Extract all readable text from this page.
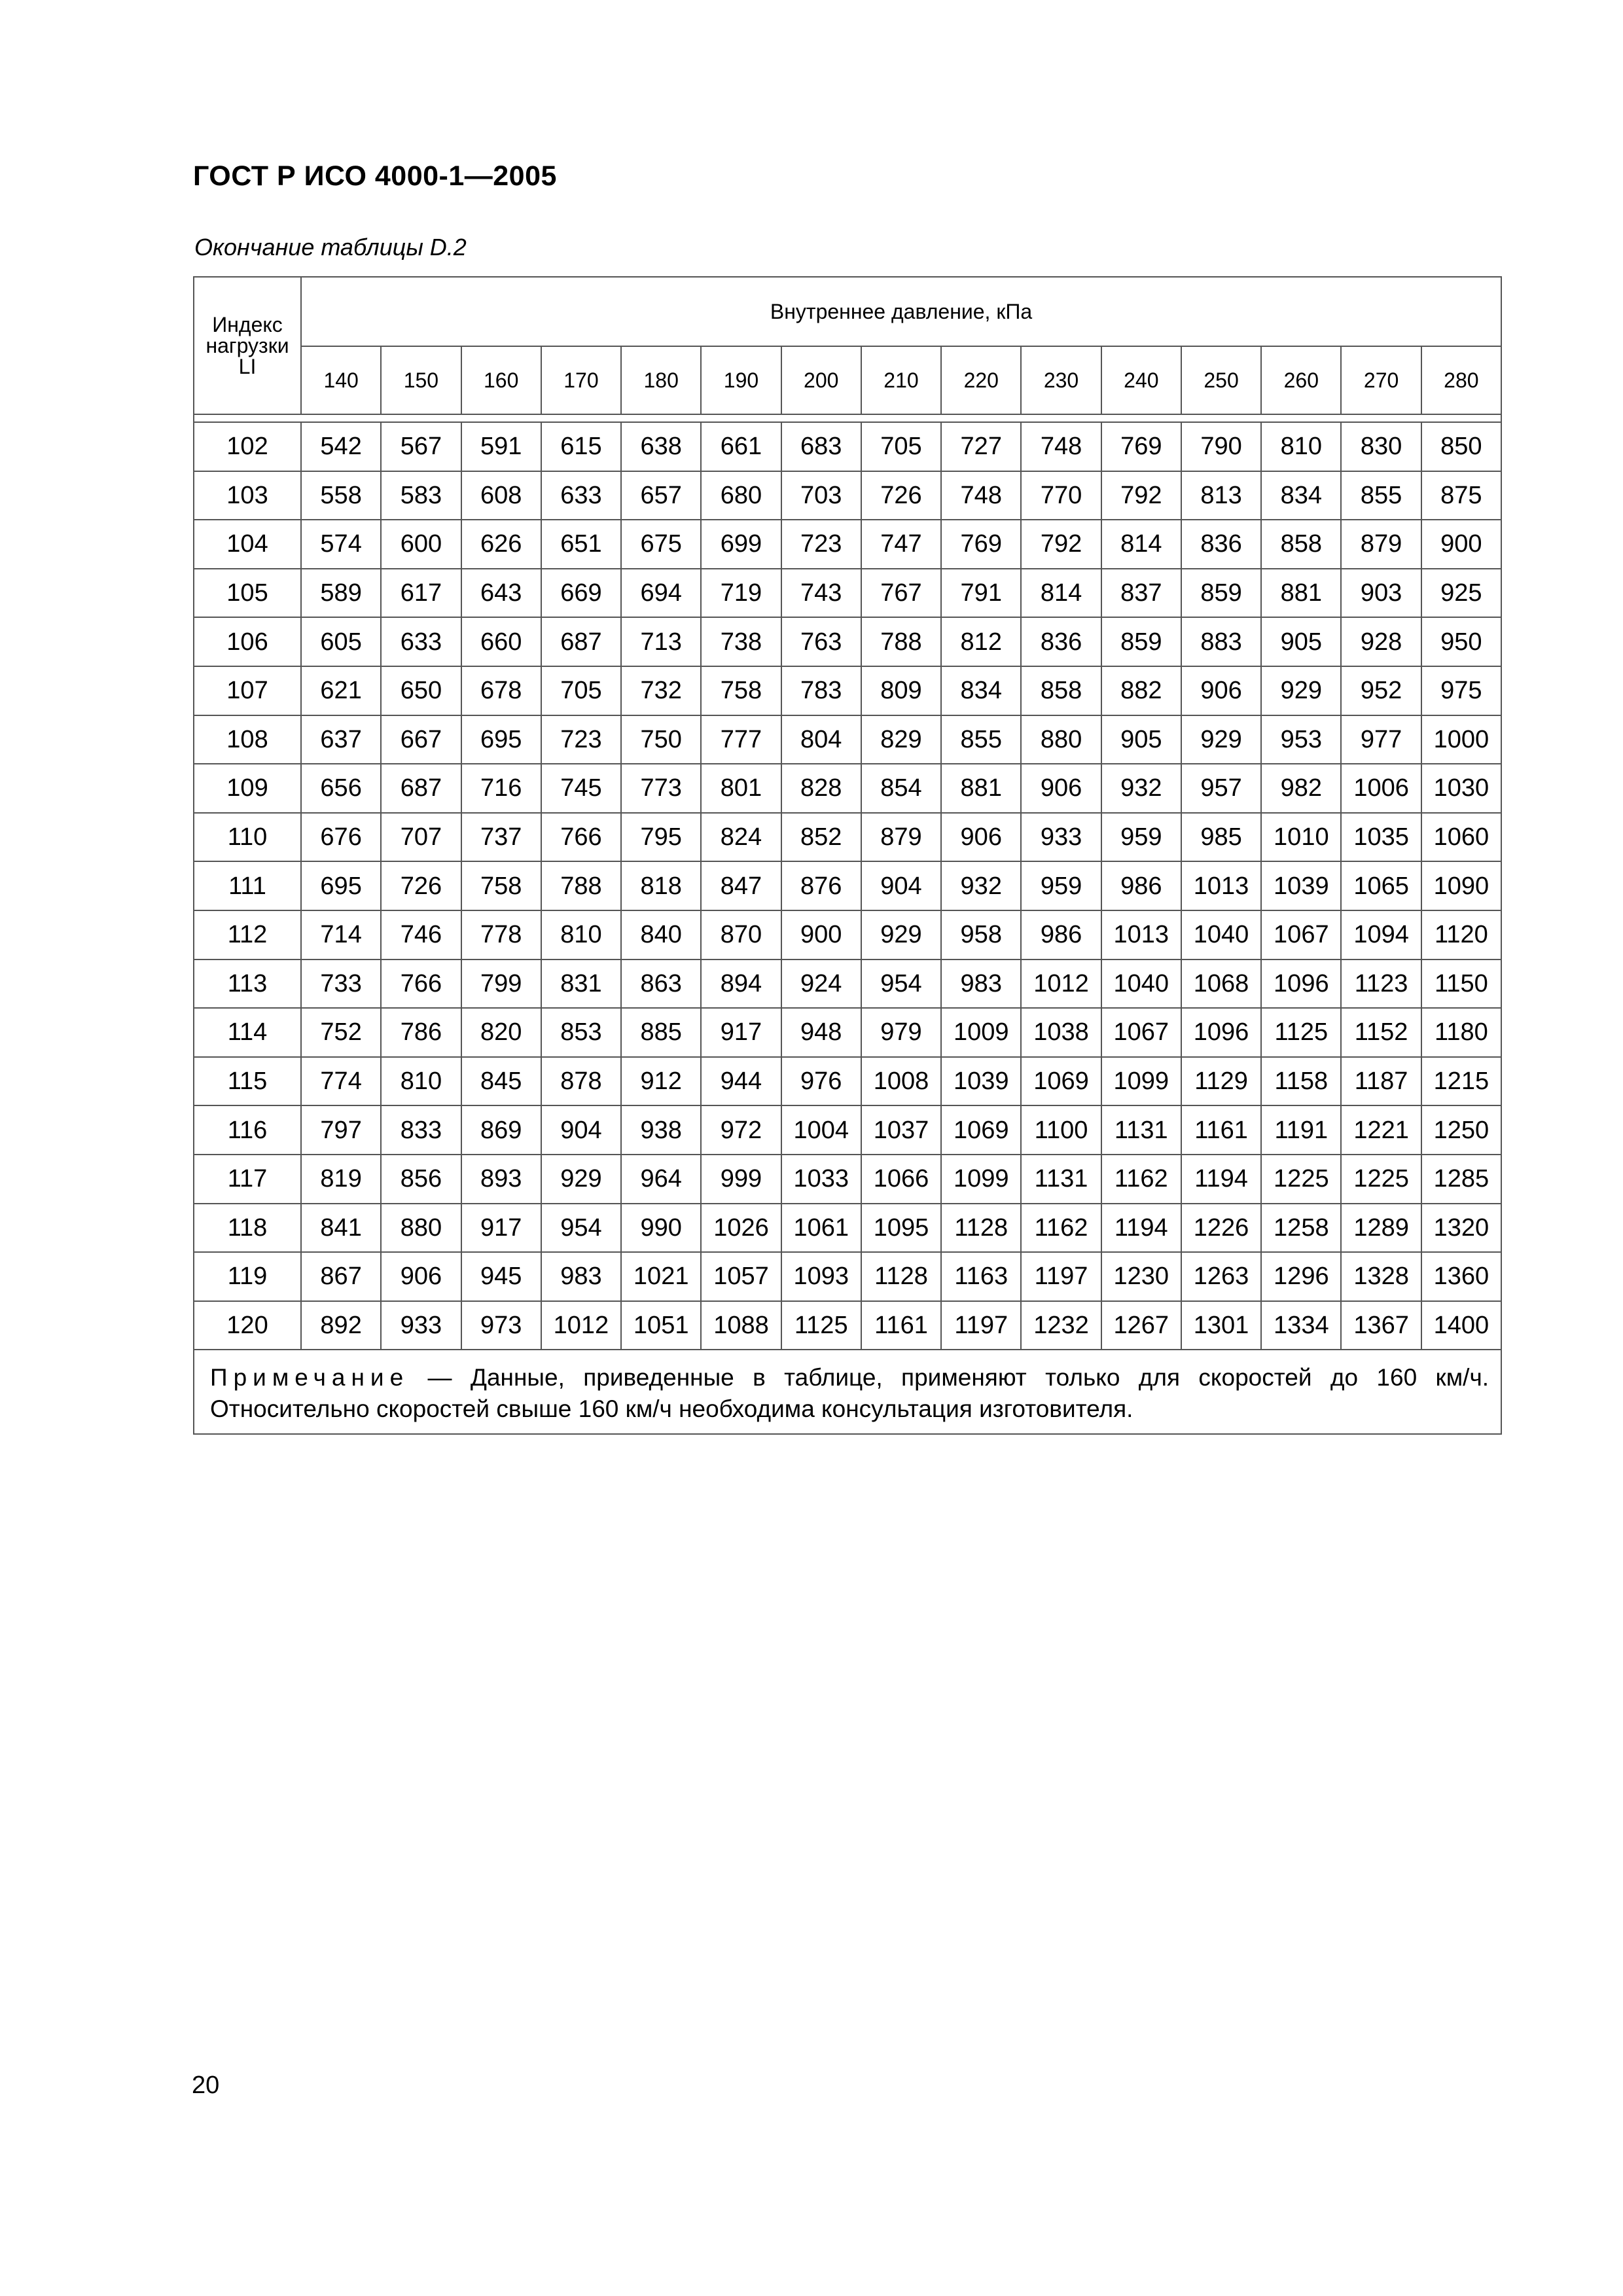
ГОСТ Р ИСО 4000-1—2005
Окончание таблицы D.2
Индекс нагрузки LI	Внутреннее давление, кПа														
	140	150	160	170	180	190	200	210	220	230	240	250	260	270	280

102	542	567	591	615	638	661	683	705	727	748	769	790	810	830	850
103	558	583	608	633	657	680	703	726	748	770	792	813	834	855	875
104	574	600	626	651	675	699	723	747	769	792	814	836	858	879	900
105	589	617	643	669	694	719	743	767	791	814	837	859	881	903	925
106	605	633	660	687	713	738	763	788	812	836	859	883	905	928	950
107	621	650	678	705	732	758	783	809	834	858	882	906	929	952	975
108	637	667	695	723	750	777	804	829	855	880	905	929	953	977	1000
109	656	687	716	745	773	801	828	854	881	906	932	957	982	1006	1030
110	676	707	737	766	795	824	852	879	906	933	959	985	1010	1035	1060
111	695	726	758	788	818	847	876	904	932	959	986	1013	1039	1065	1090
112	714	746	778	810	840	870	900	929	958	986	1013	1040	1067	1094	1120
113	733	766	799	831	863	894	924	954	983	1012	1040	1068	1096	1123	1150
114	752	786	820	853	885	917	948	979	1009	1038	1067	1096	1125	1152	1180
115	774	810	845	878	912	944	976	1008	1039	1069	1099	1129	1158	1187	1215
116	797	833	869	904	938	972	1004	1037	1069	1100	1131	1161	1191	1221	1250
117	819	856	893	929	964	999	1033	1066	1099	1131	1162	1194	1225	1225	1285
118	841	880	917	954	990	1026	1061	1095	1128	1162	1194	1226	1258	1289	1320
119	867	906	945	983	1021	1057	1093	1128	1163	1197	1230	1263	1296	1328	1360
120	892	933	973	1012	1051	1088	1125	1161	1197	1232	1267	1301	1334	1367	1400
Примечание — Данные, приведенные в таблице, применяют только для скоростей до 160 км/ч. Относительно скоростей свыше 160 км/ч необходима консультация изготовителя.															
20
